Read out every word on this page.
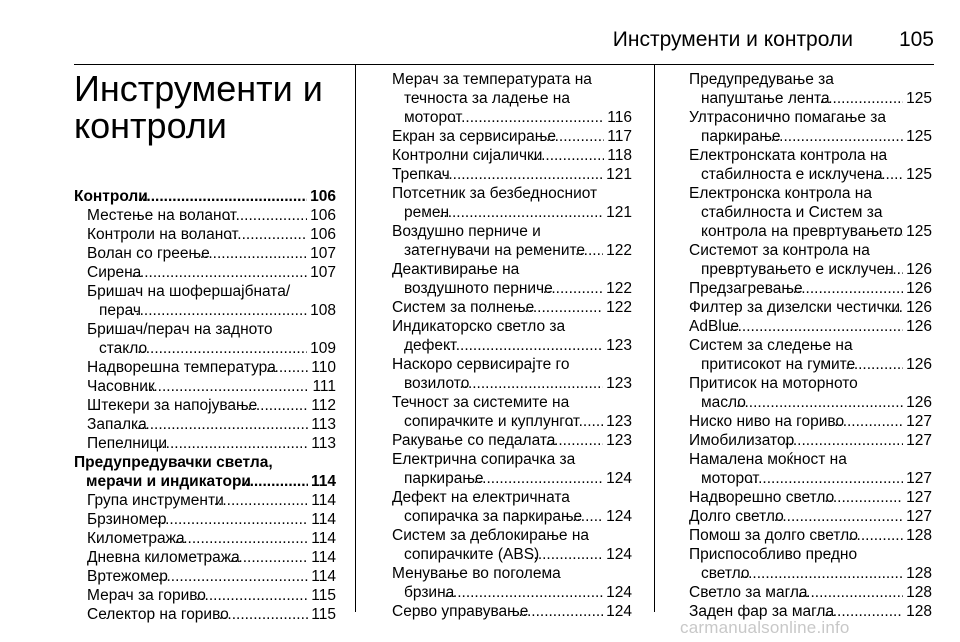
Инструменти и контроли 105
Инструменти и контроли
Контроли .....	106
Местење на воланот .....	106
Контроли на воланот .....	106
Волан со греење .....	107
Сирена .....	107
Бришач на шофершајбната/ перач .....	108
Бришач/перач на задното стакло .....	109
Надворешна температура .....	110
Часовник .....	111
Штекери за напојување .....	112
Запалка .....	113
Пепелници .....	113
Предупредувачки светла, мерачи и индикатори .....	114
Група инструменти .....	114
Брзиномер .....	114
Километража .....	114
Дневна километража .....	114
Вртежомер .....	114
Мерач за гориво .....	115
Селектор на гориво .....	115
Мерач за температурата на течноста за ладење на моторот .....	116
Екран за сервисирање .....	117
Контролни сијалички .....	118
Трепкач .....	121
Потсетник за безбедносниот ремен .....	121
Воздушно перниче и затегнувачи на ремените .....	122
Деактивирање на воздушното перниче .....	122
Систем за полнење .....	122
Индикаторско светло за дефект .....	123
Наскоро сервисирајте го возилото .....	123
Течност за системите на сопирачките и куплунгот .....	123
Ракување со педалата .....	123
Електрична сопирачка за паркирање .....	124
Дефект на електричната сопирачка за паркирање .....	124
Систем за деблокирање на сопирачките (ABS) .....	124
Менување во поголема брзина .....	124
Серво управување .....	124
Предупредување за напуштање лента .....	125
Ултрасонично помагање за паркирање .....	125
Електронската контрола на стабилноста е исклучена .....	125
Електронска контрола на стабилноста и Систем за контрола на превртувањето ..... 125
Системот за контрола на превртувањето е исклучен ..... 126
Предзагревање .....	126
Филтер за дизелски честички ..... 126
AdBlue .....	126
Систем за следење на притисокот на гумите .....	126
Притисок на моторното масло .....	126
Ниско ниво на гориво .....	127
Имобилизатор .....	127
Намалена моќност на моторот .....	127
Надворешно светло .....	127
Долго светло .....	127
Помош за долго светло .....	128
Приспособливо предно светло .....	128
Светло за магла .....	128
Заден фар за магла .....	128
carmanualsonline.info
